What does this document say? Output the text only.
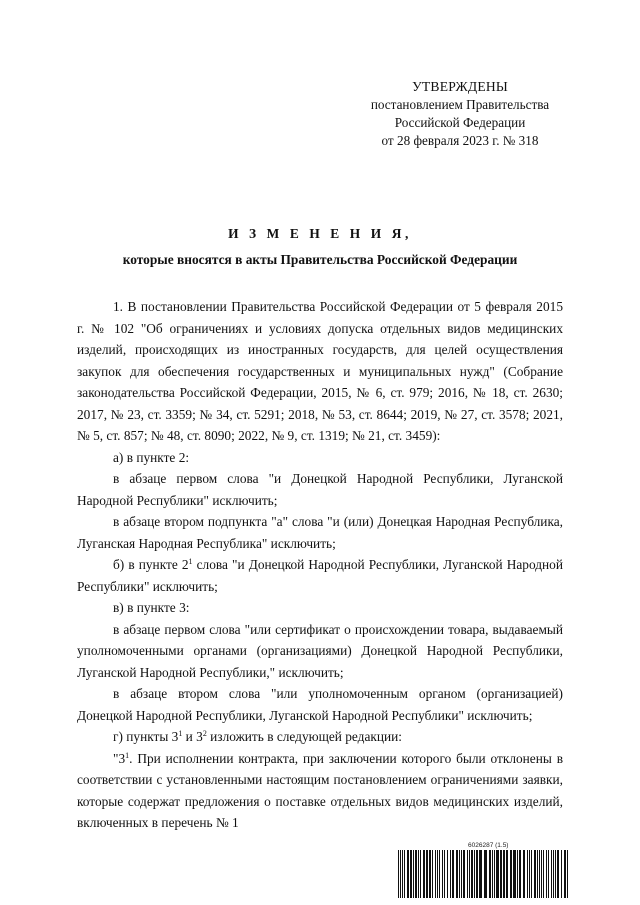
УТВЕРЖДЕНЫ
постановлением Правительства
Российской Федерации
от 28 февраля 2023 г. № 318
И З М Е Н Е Н И Я,
которые вносятся в акты Правительства Российской Федерации

1. В постановлении Правительства Российской Федерации от 5 февраля 2015 г. № 102 "Об ограничениях и условиях допуска отдельных видов медицинских изделий, происходящих из иностранных государств, для целей осуществления закупок для обеспечения государственных и муниципальных нужд" (Собрание законодательства Российской Федерации, 2015, № 6, ст. 979; 2016, № 18, ст. 2630; 2017, № 23, ст. 3359; № 34, ст. 5291; 2018, № 53, ст. 8644; 2019, № 27, ст. 3578; 2021, № 5, ст. 857; № 48, ст. 8090; 2022, № 9, ст. 1319; № 21, ст. 3459):

а) в пункте 2:

в абзаце первом слова "и Донецкой Народной Республики, Луганской Народной Республики" исключить;

в абзаце втором подпункта "а" слова "и (или) Донецкая Народная Республика, Луганская Народная Республика" исключить;

б) в пункте $2^1$ слова "и Донецкой Народной Республики, Луганской Народной Республики" исключить;

в) в пункте 3:

в абзаце первом слова "или сертификат о происхождении товара, выдаваемый уполномоченными органами (организациями) Донецкой Народной Республики, Луганской Народной Республики," исключить;

в абзаце втором слова "или уполномоченным органом (организацией) Донецкой Народной Республики, Луганской Народной Республики" исключить;

г) пункты $3^1$ и $3^2$ изложить в следующей редакции:

"$3^1$. При исполнении контракта, при заключении которого были отклонены в соответствии с установленными настоящим постановлением ограничениями заявки, которые содержат предложения о поставке отдельных видов медицинских изделий, включенных в перечень № 1

6026287 (1.5)
